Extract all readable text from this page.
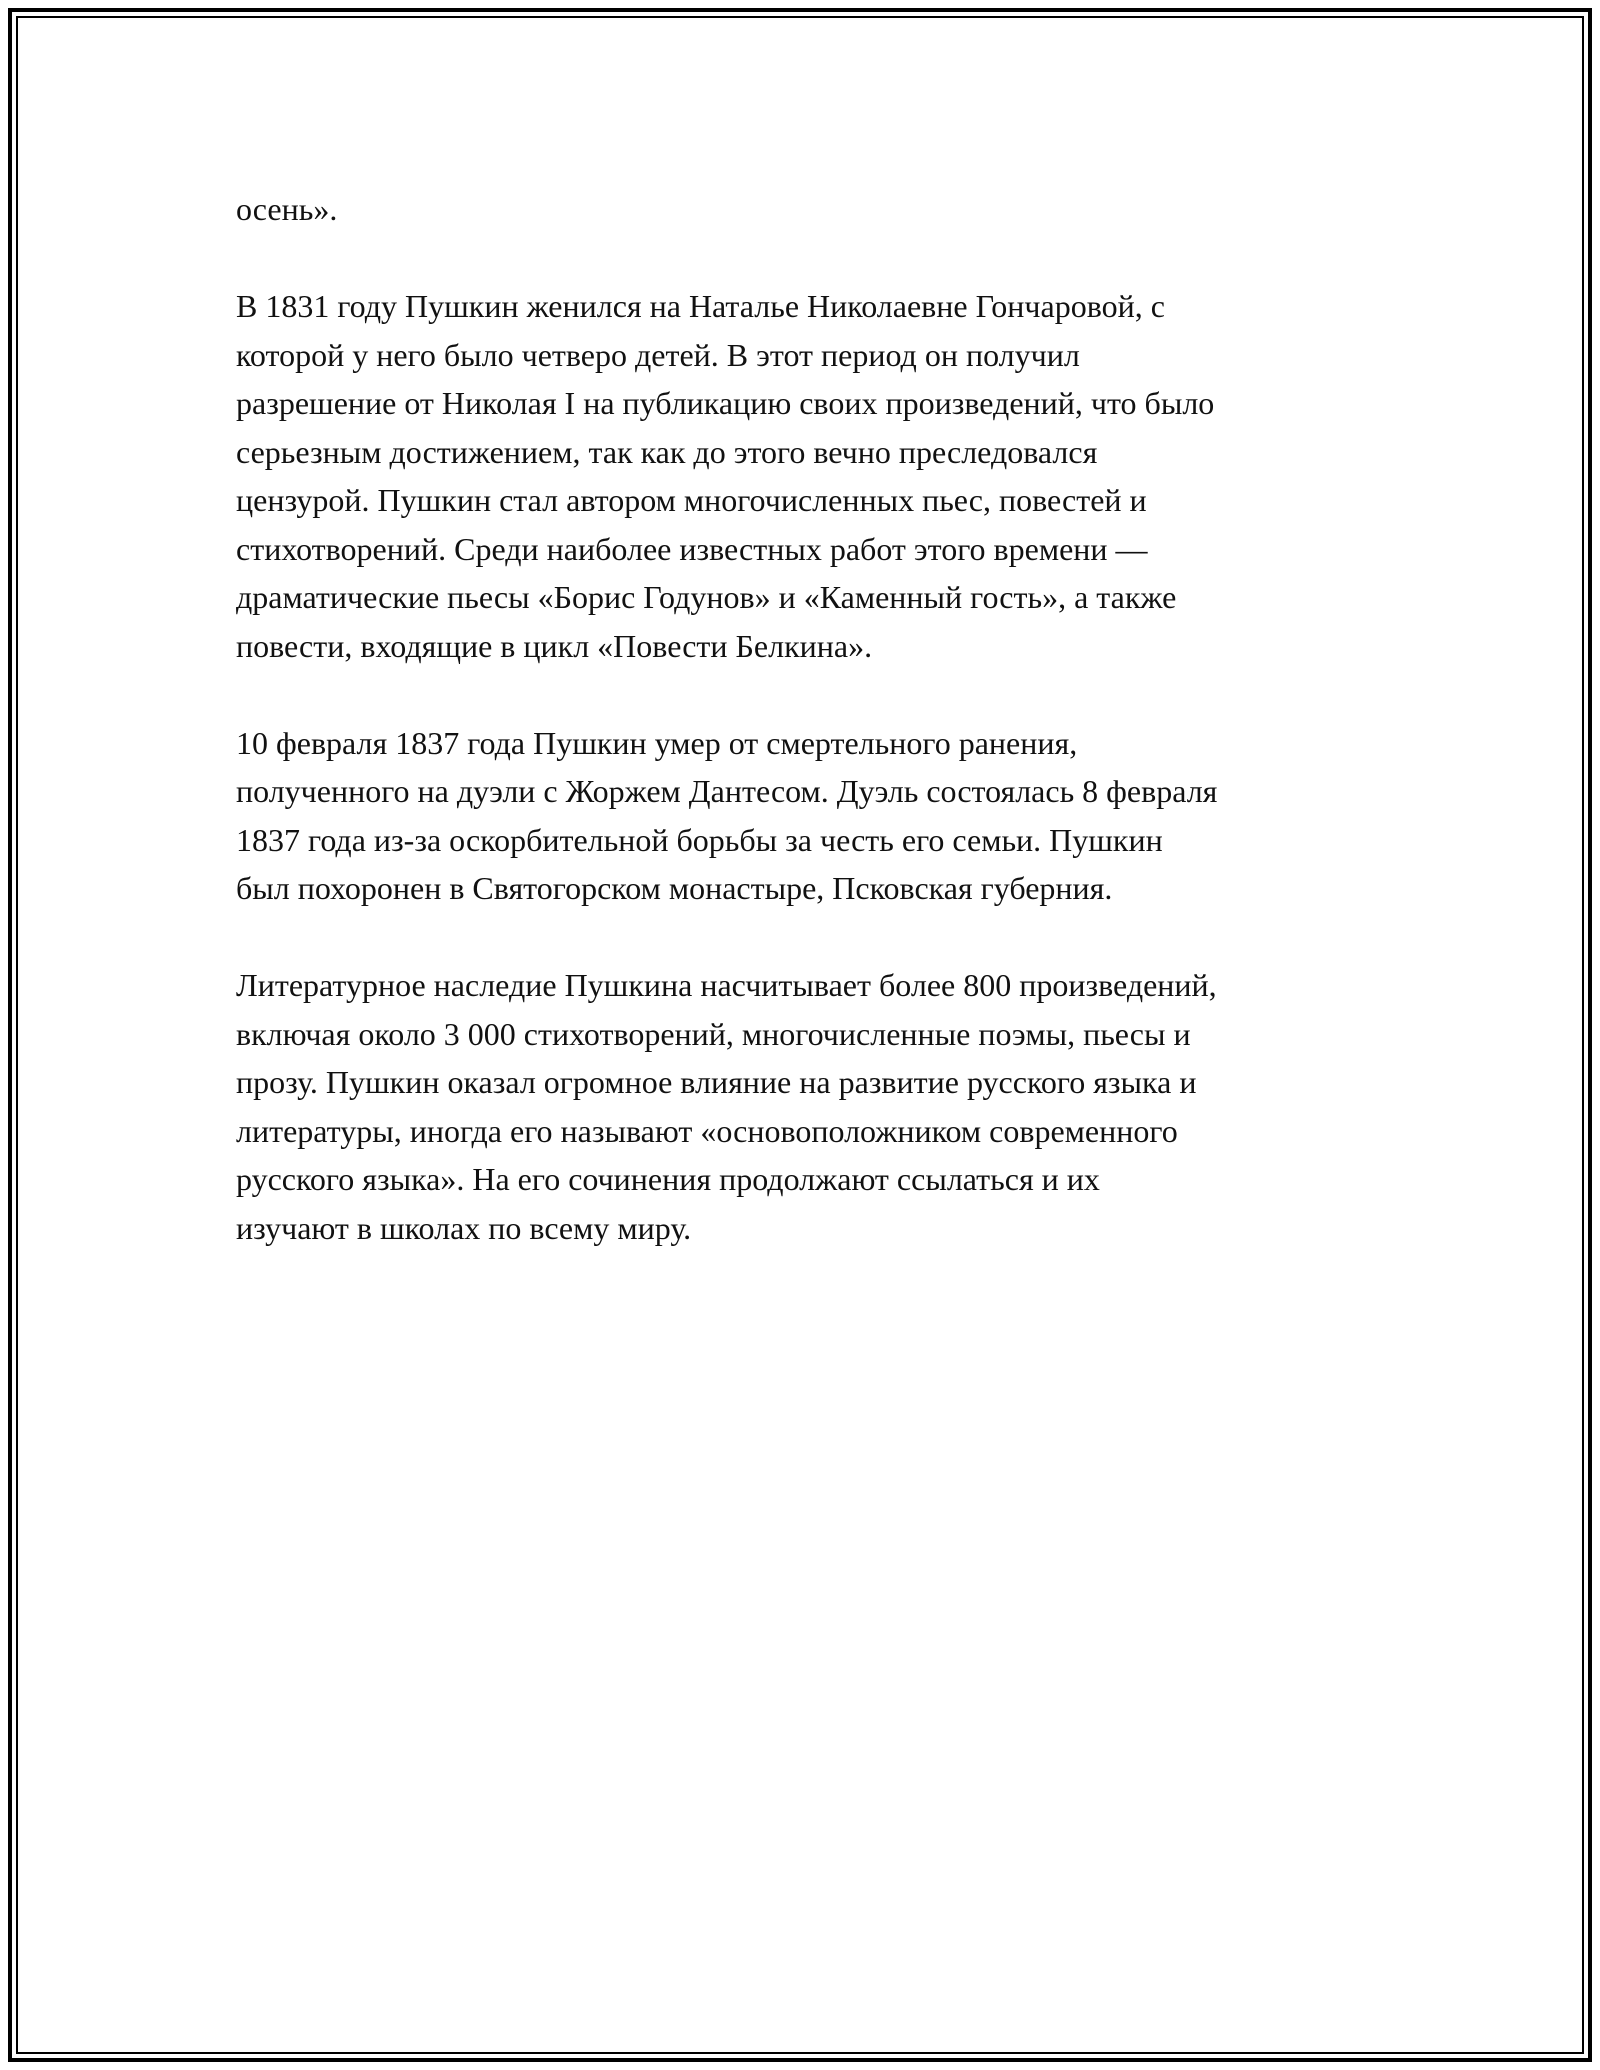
осень».
В 1831 году Пушкин женился на Наталье Николаевне Гончаровой, с
которой у него было четверо детей. В этот период он получил
разрешение от Николая I на публикацию своих произведений, что было
серьезным достижением, так как до этого вечно преследовался
цензурой. Пушкин стал автором многочисленных пьес, повестей и
стихотворений. Среди наиболее известных работ этого времени —
драматические пьесы «Борис Годунов» и «Каменный гость», а также
повести, входящие в цикл «Повести Белкина».
10 февраля 1837 года Пушкин умер от смертельного ранения,
полученного на дуэли с Жоржем Дантесом. Дуэль состоялась 8 февраля
1837 года из-за оскорбительной борьбы за честь его семьи. Пушкин
был похоронен в Святогорском монастыре, Псковская губерния.
Литературное наследие Пушкина насчитывает более 800 произведений,
включая около 3 000 стихотворений, многочисленные поэмы, пьесы и
прозу. Пушкин оказал огромное влияние на развитие русского языка и
литературы, иногда его называют «основоположником современного
русского языка». На его сочинения продолжают ссылаться и их
изучают в школах по всему миру.
